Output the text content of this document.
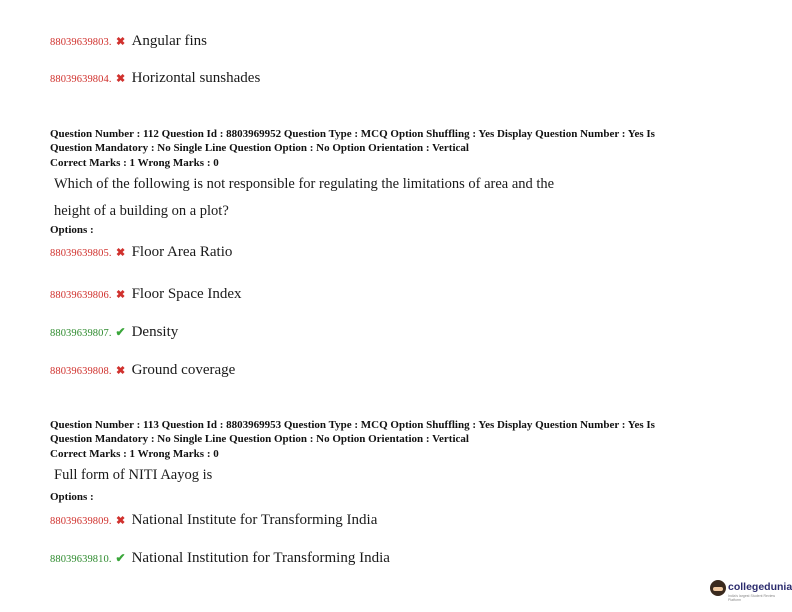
88039639803. ✖ Angular fins
88039639804. ✖ Horizontal sunshades
Question Number : 112 Question Id : 8803969952 Question Type : MCQ Option Shuffling : Yes Display Question Number : Yes Is
Question Mandatory : No Single Line Question Option : No Option Orientation : Vertical
Correct Marks : 1 Wrong Marks : 0
Which of the following is not responsible for regulating the limitations of area and the
height of a building on a plot?
Options :
88039639805. ✖ Floor Area Ratio
88039639806. ✖ Floor Space Index
88039639807. ✔ Density
88039639808. ✖ Ground coverage
Question Number : 113 Question Id : 8803969953 Question Type : MCQ Option Shuffling : Yes Display Question Number : Yes Is
Question Mandatory : No Single Line Question Option : No Option Orientation : Vertical
Correct Marks : 1 Wrong Marks : 0
Full form of NITI Aayog is
Options :
88039639809. ✖ National Institute for Transforming India
88039639810. ✔ National Institution for Transforming India
collegedunia
India's largest Student Review Platform
